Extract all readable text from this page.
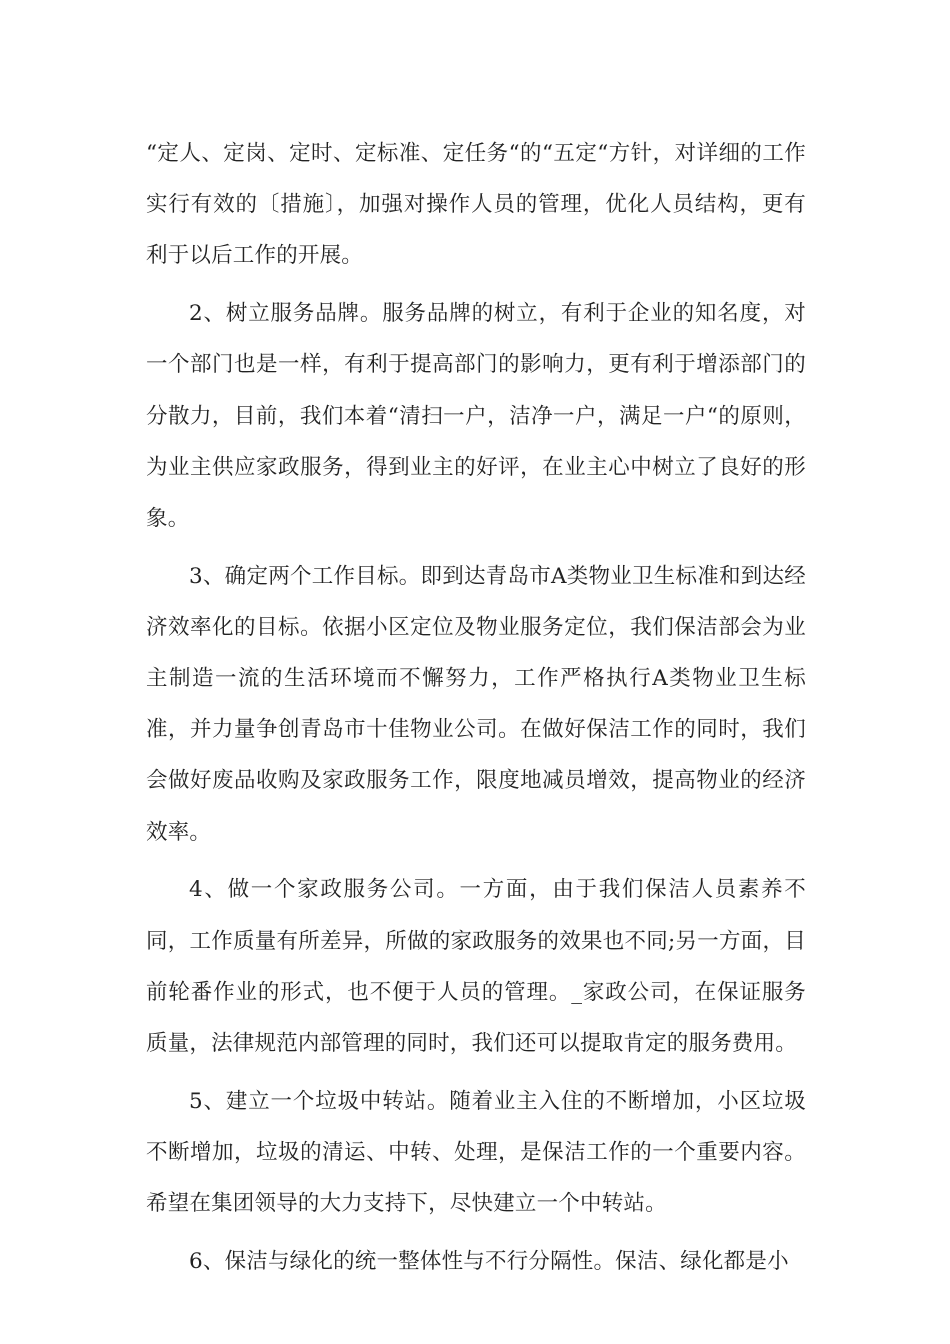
“定人、定岗、定时、定标准、定任务“的“五定“方针，对详细的工作实行有效的〔措施〕，加强对操作人员的管理，优化人员结构，更有利于以后工作的开展。

2、树立服务品牌。服务品牌的树立，有利于企业的知名度，对一个部门也是一样，有利于提高部门的影响力，更有利于增添部门的分散力，目前，我们本着“清扫一户，洁净一户，满足一户“的原则，为业主供应家政服务，得到业主的好评，在业主心中树立了良好的形象。

3、确定两个工作目标。即到达青岛市A类物业卫生标准和到达经济效率化的目标。依据小区定位及物业服务定位，我们保洁部会为业主制造一流的生活环境而不懈努力，工作严格执行A类物业卫生标准，并力量争创青岛市十佳物业公司。在做好保洁工作的同时，我们会做好废品收购及家政服务工作，限度地减员增效，提高物业的经济效率。

4、做一个家政服务公司。一方面，由于我们保洁人员素养不同，工作质量有所差异，所做的家政服务的效果也不同;另一方面，目前轮番作业的形式，也不便于人员的管理。_家政公司，在保证服务质量，法律规范内部管理的同时，我们还可以提取肯定的服务费用。

5、建立一个垃圾中转站。随着业主入住的不断增加，小区垃圾不断增加，垃圾的清运、中转、处理，是保洁工作的一个重要内容。希望在集团领导的大力支持下，尽快建立一个中转站。

6、保洁与绿化的统一整体性与不行分隔性。保洁、绿化都是小
